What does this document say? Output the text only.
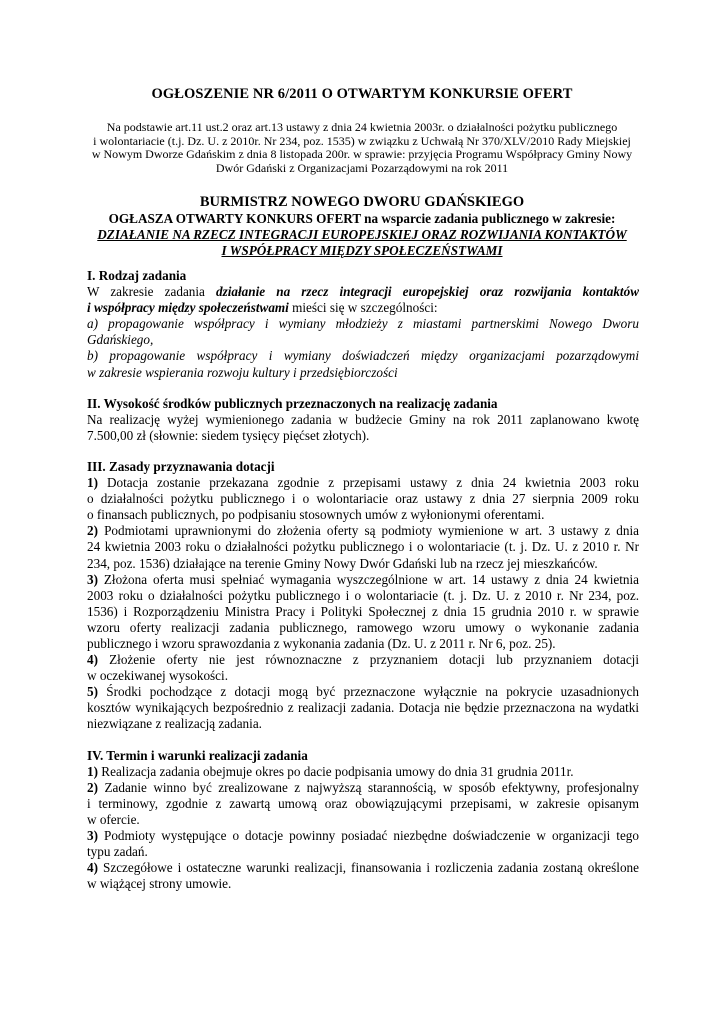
OGŁOSZENIE NR 6/2011 O OTWARTYM KONKURSIE OFERT
Na podstawie art.11 ust.2 oraz art.13 ustawy z dnia 24 kwietnia 2003r. o działalności pożytku publicznego
i wolontariacie (t.j. Dz. U. z 2010r. Nr 234, poz. 1535) w związku z Uchwałą Nr 370/XLV/2010 Rady Miejskiej
w Nowym Dworze Gdańskim z dnia 8 listopada 200r. w sprawie: przyjęcia Programu Współpracy Gminy Nowy
Dwór Gdański z Organizacjami Pozarządowymi na rok 2011
BURMISTRZ NOWEGO DWORU GDAŃSKIEGO
OGŁASZA OTWARTY KONKURS OFERT na wsparcie zadania publicznego w zakresie:
DZIAŁANIE NA RZECZ INTEGRACJI EUROPEJSKIEJ ORAZ ROZWIJANIA KONTAKTÓW
I WSPÓŁPRACY MIĘDZY SPOŁECZEŃSTWAMI
I. Rodzaj zadania
W zakresie zadania działanie na rzecz integracji europejskiej oraz rozwijania kontaktów
i współpracy między społeczeństwami mieści się w szczególności:
a) propagowanie współpracy i wymiany młodzieży z miastami partnerskimi Nowego Dworu
Gdańskiego,
b) propagowanie współpracy i wymiany doświadczeń między organizacjami pozarządowymi
w zakresie wspierania rozwoju kultury i przedsiębiorczości
II. Wysokość środków publicznych przeznaczonych na realizację zadania
Na realizację wyżej wymienionego zadania w budżecie Gminy na rok 2011 zaplanowano kwotę
7.500,00 zł (słownie: siedem tysięcy pięćset złotych).
III. Zasady przyznawania dotacji
1) Dotacja zostanie przekazana zgodnie z przepisami ustawy z dnia 24 kwietnia 2003 roku
o działalności pożytku publicznego i o wolontariacie oraz ustawy z dnia 27 sierpnia 2009 roku
o finansach publicznych, po podpisaniu stosownych umów z wyłonionymi oferentami.
2) Podmiotami uprawnionymi do złożenia oferty są podmioty wymienione w art. 3 ustawy z dnia
24 kwietnia 2003 roku o działalności pożytku publicznego i o wolontariacie (t. j. Dz. U. z 2010 r. Nr
234, poz. 1536) działające na terenie Gminy Nowy Dwór Gdański lub na rzecz jej mieszkańców.
3) Złożona oferta musi spełniać wymagania wyszczególnione w art. 14 ustawy z dnia 24 kwietnia
2003 roku o działalności pożytku publicznego i o wolontariacie (t. j. Dz. U. z 2010 r. Nr 234, poz.
1536) i Rozporządzeniu Ministra Pracy i Polityki Społecznej z dnia 15 grudnia 2010 r. w sprawie
wzoru oferty realizacji zadania publicznego, ramowego wzoru umowy o wykonanie zadania
publicznego i wzoru sprawozdania z wykonania zadania (Dz. U. z 2011 r. Nr 6, poz. 25).
4) Złożenie oferty nie jest równoznaczne z przyznaniem dotacji lub przyznaniem dotacji
w oczekiwanej wysokości.
5) Środki pochodzące z dotacji mogą być przeznaczone wyłącznie na pokrycie uzasadnionych
kosztów wynikających bezpośrednio z realizacji zadania. Dotacja nie będzie przeznaczona na wydatki
niezwiązane z realizacją zadania.
IV. Termin i warunki realizacji zadania
1) Realizacja zadania obejmuje okres po dacie podpisania umowy do dnia 31 grudnia 2011r.
2) Zadanie winno być zrealizowane z najwyższą starannością, w sposób efektywny, profesjonalny
i terminowy, zgodnie z zawartą umową oraz obowiązującymi przepisami, w zakresie opisanym
w ofercie.
3) Podmioty występujące o dotacje powinny posiadać niezbędne doświadczenie w organizacji tego
typu zadań.
4) Szczegółowe i ostateczne warunki realizacji, finansowania i rozliczenia zadania zostaną określone
w wiążącej strony umowie.
